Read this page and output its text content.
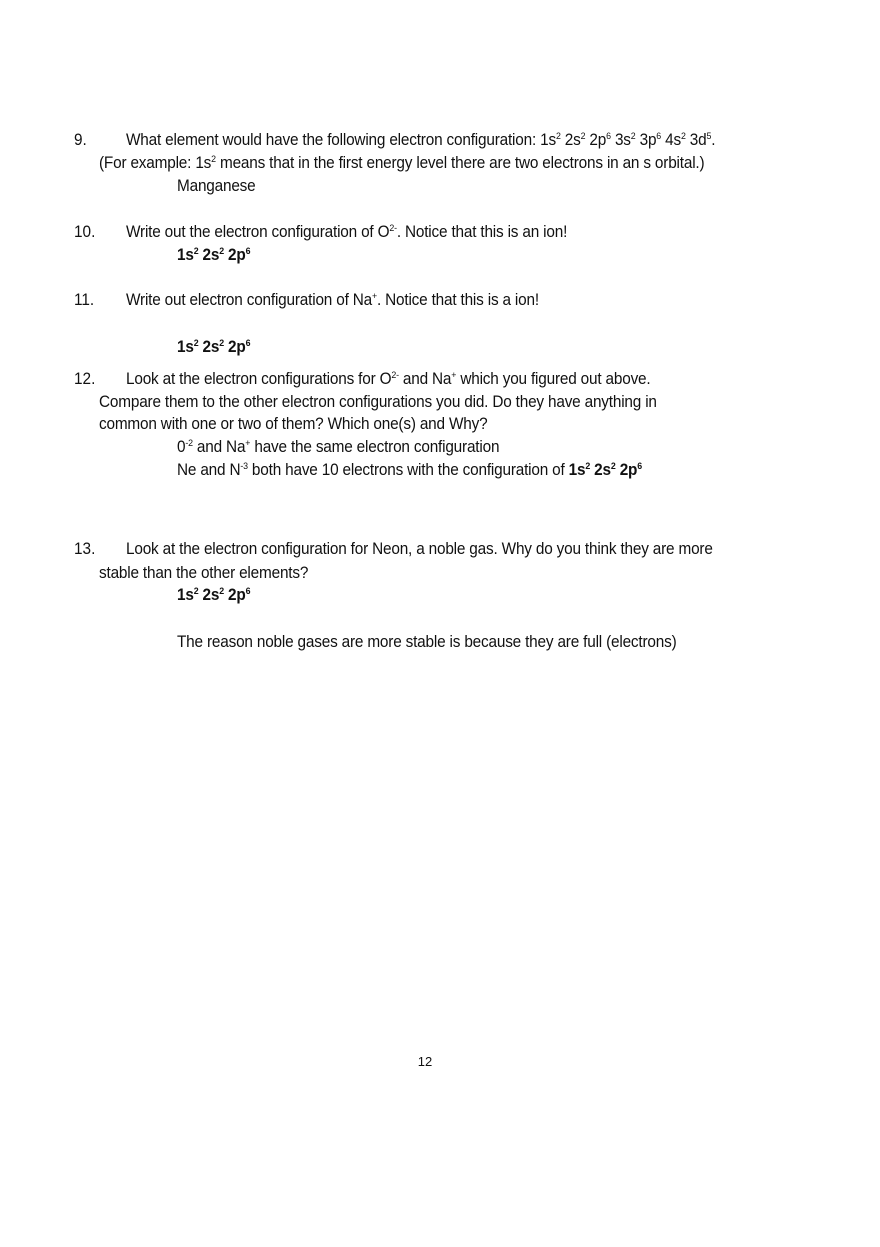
9. What element would have the following electron configuration: $1s^2$ $2s^2$ $2p^6$ $3s^2$ $3p^6$ $4s^2$ $3d^5$.
(For example: $1s^2$ means that in the first energy level there are two electrons in an s orbital.)
Manganese
10. Write out the electron configuration of $O^{2-}$. Notice that this is an ion!
$1s^2$ $2s^2$ $2p^6$
11. Write out electron configuration of Na+. Notice that this is a ion!
$1s^2$ $2s^2$ $2p^6$
12. Look at the electron configurations for $O^{2-}$ and Na+ which you figured out above.
Compare them to the other electron configurations you did. Do they have anything in
common with one or two of them? Which one(s) and Why?
$0^{-2}$ and Na+ have the same electron configuration
Ne and $N^{-3}$ both have 10 electrons with the configuration of $1s^2$ $2s^2$ $2p^6$
13. Look at the electron configuration for Neon, a noble gas. Why do you think they are more
stable than the other elements?
$1s^2$ $2s^2$ $2p^6$
The reason noble gases are more stable is because they are full (electrons)
12
